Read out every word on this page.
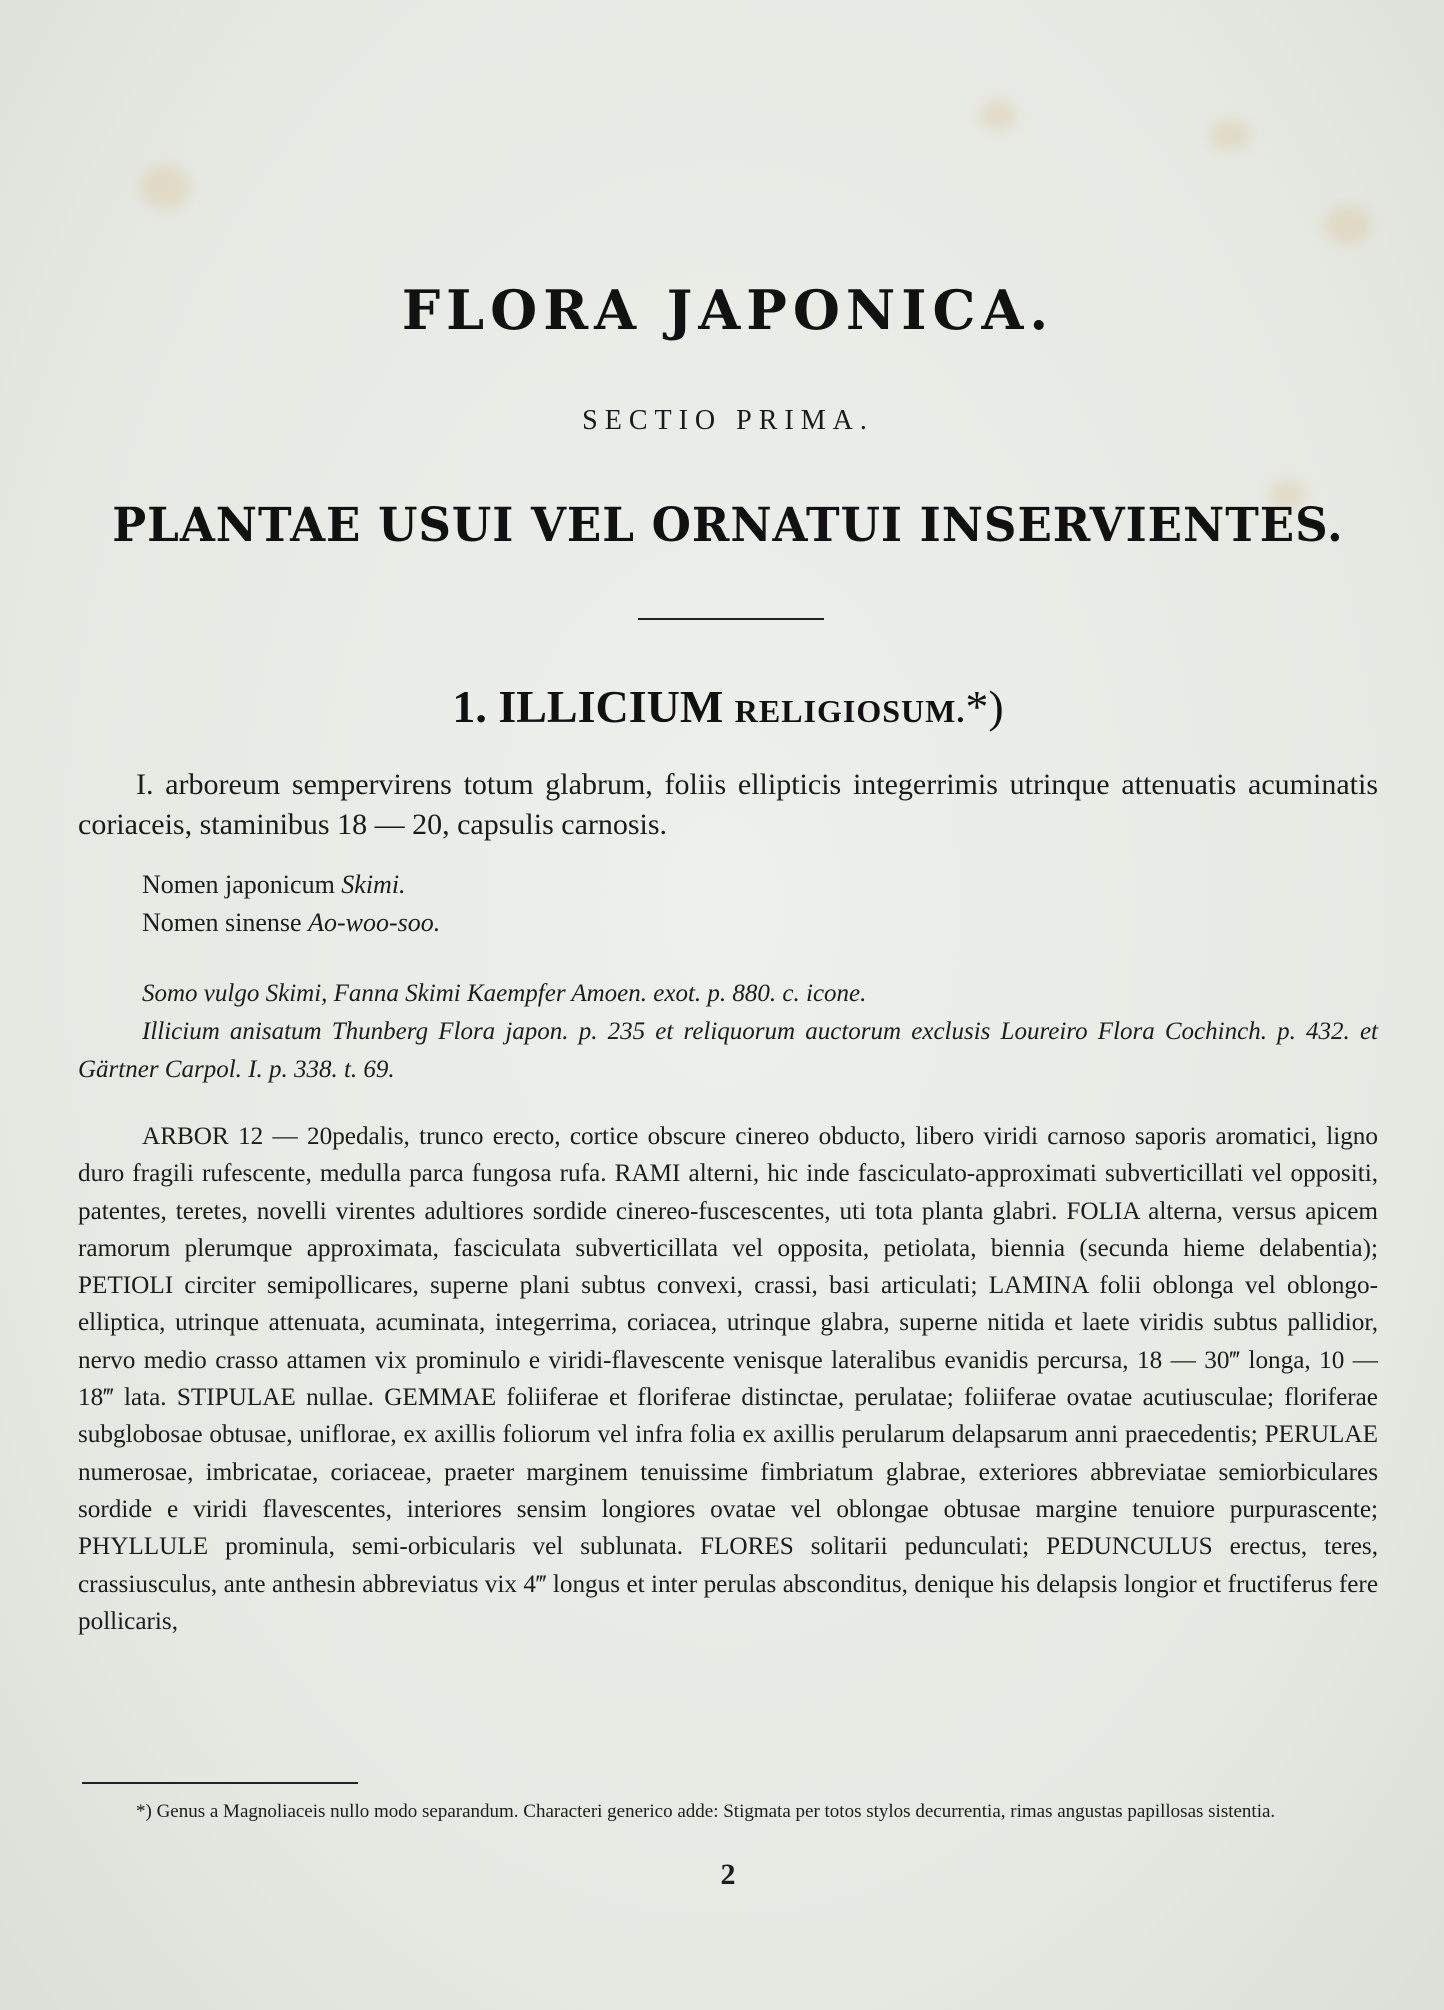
FLORA JAPONICA.
SECTIO PRIMA.
PLANTAE USUI VEL ORNATUI INSERVIENTES.
1. ILLICIUM RELIGIOSUM.*)
I. arboreum sempervirens totum glabrum, foliis ellipticis integerrimis utrinque attenuatis acuminatis coriaceis, staminibus 18 — 20, capsulis carnosis.
Nomen japonicum Skimi.
Nomen sinense Ao-woo-soo.

Somo vulgo Skimi, Fanna Skimi Kaempfer Amoen. exot. p. 880. c. icone.

Illicium anisatum Thunberg Flora japon. p. 235 et reliquorum auctorum exclusis Loureiro Flora Cochinch. p. 432. et Gärtner Carpol. I. p. 338. t. 69.

ARBOR 12 — 20pedalis, trunco erecto, cortice obscure cinereo obducto, libero viridi carnoso saporis aromatici, ligno duro fragili rufescente, medulla parca fungosa rufa. RAMI alterni, hic inde fasciculato-approximati subverticillati vel oppositi, patentes, teretes, novelli virentes adultiores sordide cinereo-fuscescentes, uti tota planta glabri. FOLIA alterna, versus apicem ramorum plerumque approximata, fasciculata subverticillata vel opposita, petiolata, biennia (secunda hieme delabentia); PETIOLI circiter semipollicares, superne plani subtus convexi, crassi, basi articulati; LAMINA folii oblonga vel oblongo-elliptica, utrinque attenuata, acuminata, integerrima, coriacea, utrinque glabra, superne nitida et laete viridis subtus pallidior, nervo medio crasso attamen vix prominulo e viridi-flavescente venisque lateralibus evanidis percursa, 18 — 30‴ longa, 10 — 18‴ lata. STIPULAE nullae. GEMMAE foliiferae et floriferae distinctae, perulatae; foliiferae ovatae acutiusculae; floriferae subglobosae obtusae, uniflorae, ex axillis foliorum vel infra folia ex axillis perularum delapsarum anni praecedentis; PERULAE numerosae, imbricatae, coriaceae, praeter marginem tenuissime fimbriatum glabrae, exteriores abbreviatae semiorbiculares sordide e viridi flavescentes, interiores sensim longiores ovatae vel oblongae obtusae margine tenuiore purpurascente; PHYLLULE prominula, semi-orbicularis vel sublunata. FLORES solitarii pedunculati; PEDUNCULUS erectus, teres, crassiusculus, ante anthesin abbreviatus vix 4‴ longus et inter perulas absconditus, denique his delapsis longior et fructiferus fere pollicaris,
*) Genus a Magnoliaceis nullo modo separandum. Characteri generico adde: Stigmata per totos stylos decurrentia, rimas angustas papillosas sistentia.
2
